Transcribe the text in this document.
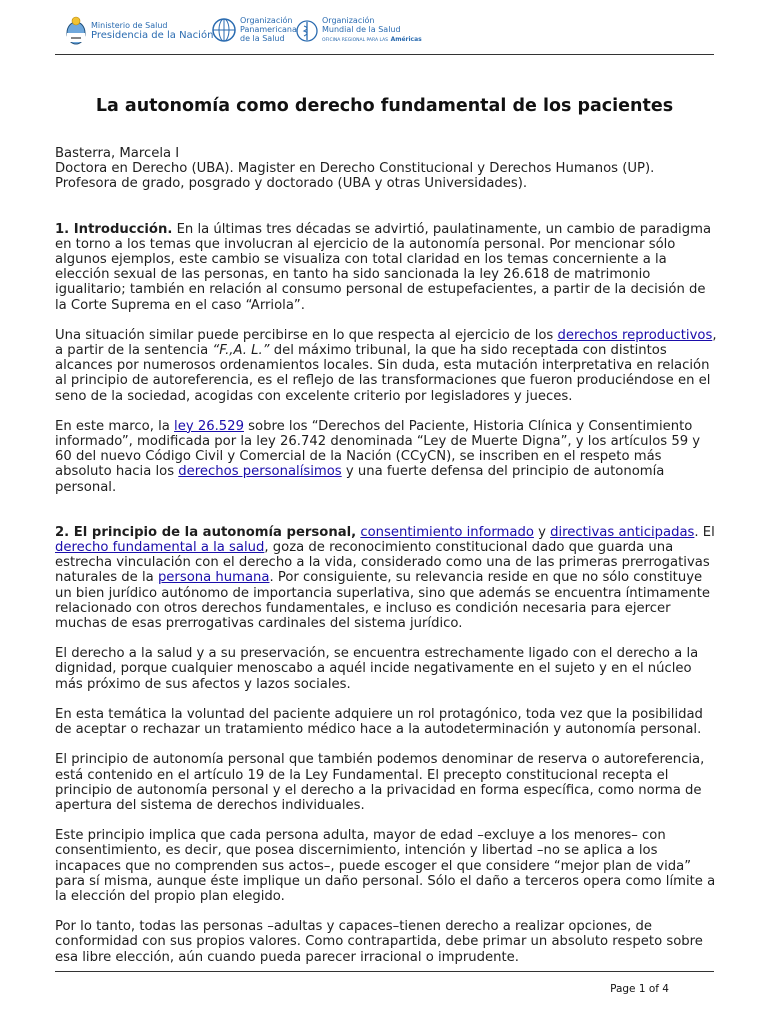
Ministerio de Salud
Presidencia de la Nación
Organización
Panamericana
de la Salud
Organización
Mundial de la Salud
OFICINA REGIONAL PARA LAS Américas
La autonomía como derecho fundamental de los pacientes

Basterra, Marcela I

Doctora en Derecho (UBA). Magister en Derecho Constitucional y Derechos Humanos (UP). Profesora de grado, posgrado y doctorado (UBA y otras Universidades).

1. Introducción. En la últimas tres décadas se advirtió, paulatinamente, un cambio de paradigma en torno a los temas que involucran al ejercicio de la autonomía personal. Por mencionar sólo algunos ejemplos, este cambio se visualiza con total claridad en los temas concerniente a la elección sexual de las personas, en tanto ha sido sancionada la ley 26.618 de matrimonio igualitario; también en relación al consumo personal de estupefacientes, a partir de la decisión de la Corte Suprema en el caso “Arriola”.

Una situación similar puede percibirse en lo que respecta al ejercicio de los derechos reproductivos, a partir de la sentencia “F.,A. L.” del máximo tribunal, la que ha sido receptada con distintos alcances por numerosos ordenamientos locales. Sin duda, esta mutación interpretativa en relación al principio de autoreferencia, es el reflejo de las transformaciones que fueron produciéndose en el seno de la sociedad, acogidas con excelente criterio por legisladores y jueces.

En este marco, la ley 26.529 sobre los “Derechos del Paciente, Historia Clínica y Consentimiento informado”, modificada por la ley 26.742 denominada “Ley de Muerte Digna”, y los artículos 59 y 60 del nuevo Código Civil y Comercial de la Nación (CCyCN), se inscriben en el respeto más absoluto hacia los derechos personalísimos y una fuerte defensa del principio de autonomía personal.

2. El principio de la autonomía personal, consentimiento informado y directivas anticipadas. El derecho fundamental a la salud, goza de reconocimiento constitucional dado que guarda una estrecha vinculación con el derecho a la vida, considerado como una de las primeras prerrogativas naturales de la persona humana. Por consiguiente, su relevancia reside en que no sólo constituye un bien jurídico autónomo de importancia superlativa, sino que además se encuentra íntimamente relacionado con otros derechos fundamentales, e incluso es condición necesaria para ejercer muchas de esas prerrogativas cardinales del sistema jurídico.

El derecho a la salud y a su preservación, se encuentra estrechamente ligado con el derecho a la dignidad, porque cualquier menoscabo a aquél incide negativamente en el sujeto y en el núcleo más próximo de sus afectos y lazos sociales.

En esta temática la voluntad del paciente adquiere un rol protagónico, toda vez que la posibilidad de aceptar o rechazar un tratamiento médico hace a la autodeterminación y autonomía personal.

El principio de autonomía personal que también podemos denominar de reserva o autoreferencia, está contenido en el artículo 19 de la Ley Fundamental. El precepto constitucional recepta el principio de autonomía personal y el derecho a la privacidad en forma específica, como norma de apertura del sistema de derechos individuales.

Este principio implica que cada persona adulta, mayor de edad –excluye a los menores– con consentimiento, es decir, que posea discernimiento, intención y libertad –no se aplica a los incapaces que no comprenden sus actos–, puede escoger el que considere “mejor plan de vida” para sí misma, aunque éste implique un daño personal. Sólo el daño a terceros opera como límite a la elección del propio plan elegido.

Por lo tanto, todas las personas –adultas y capaces–tienen derecho a realizar opciones, de conformidad con sus propios valores. Como contrapartida, debe primar un absoluto respeto sobre esa libre elección, aún cuando pueda parecer irracional o imprudente.

Page 1 of 4
